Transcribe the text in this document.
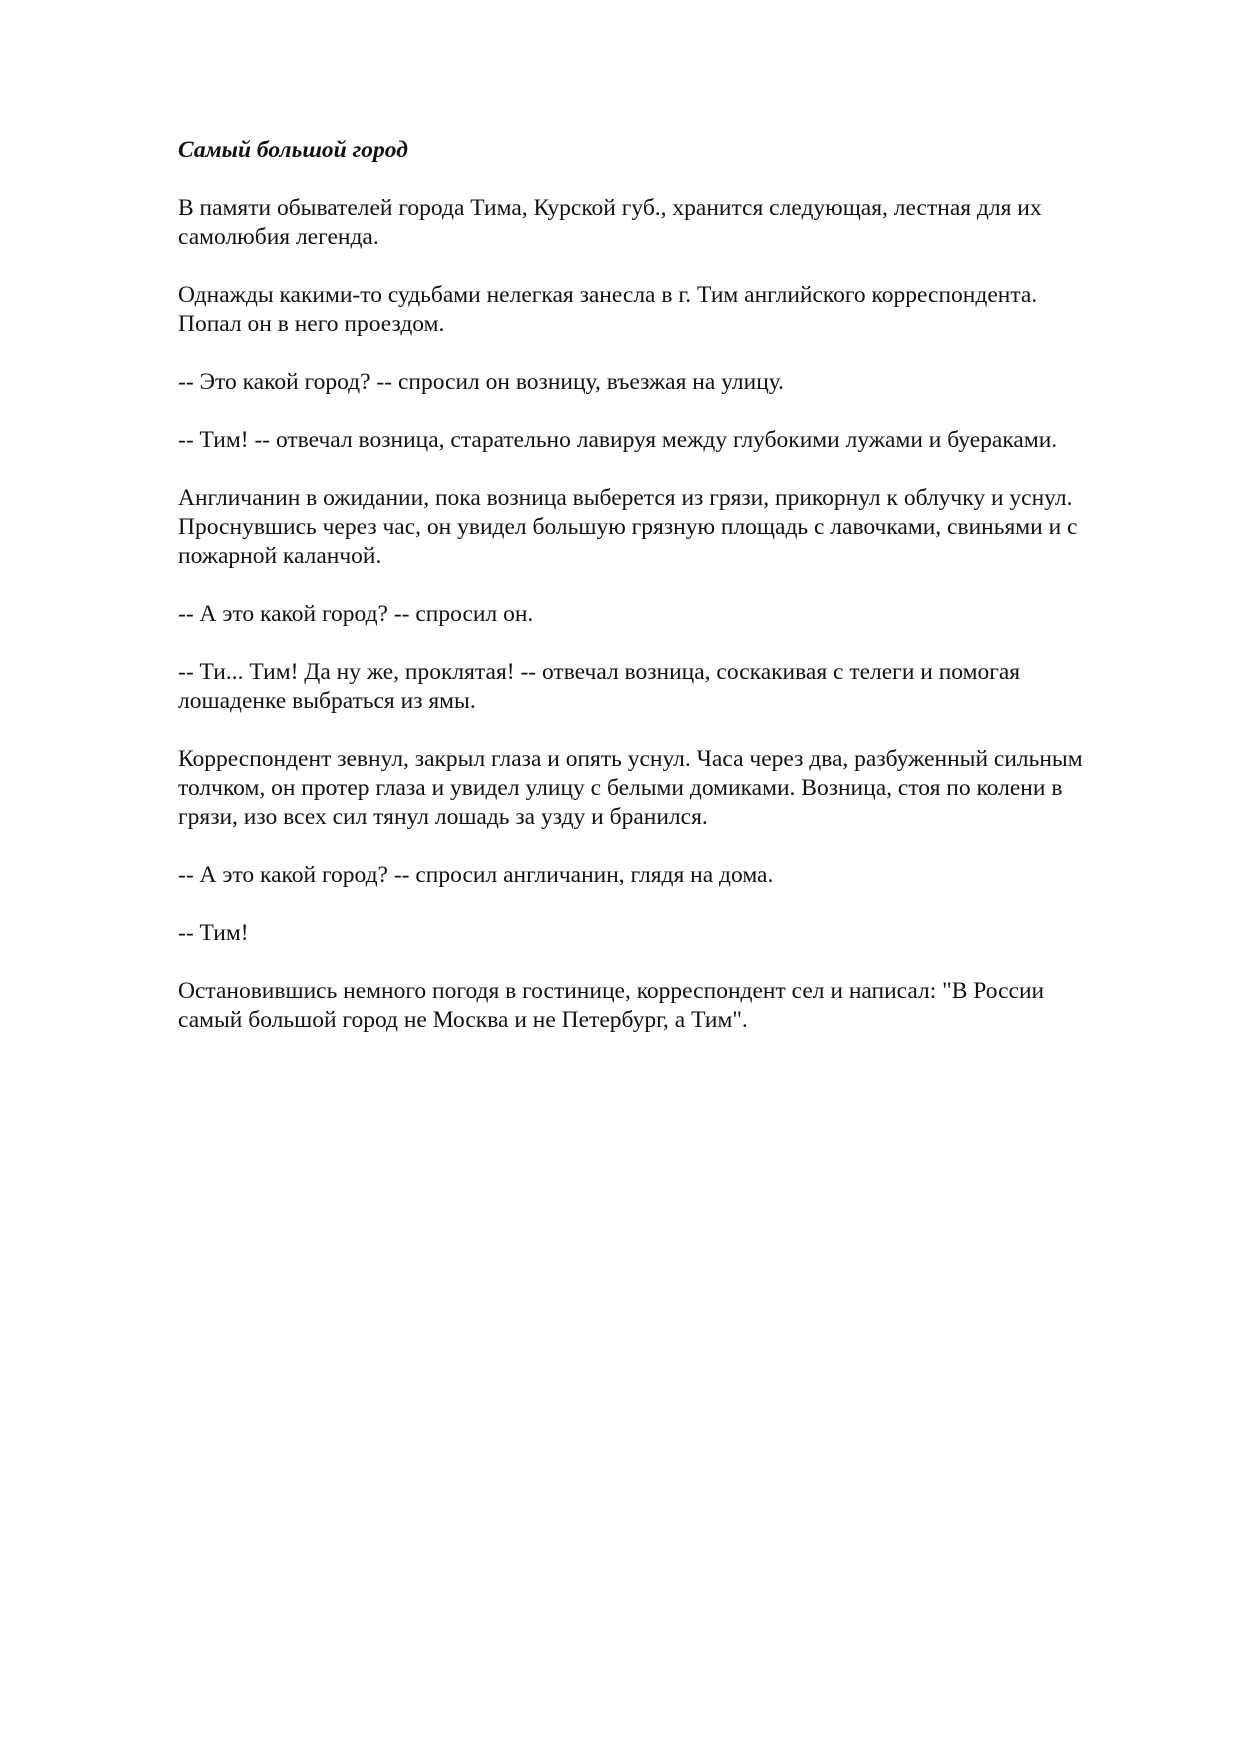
Самый большой город
В памяти обывателей города Тима, Курской губ., хранится следующая, лестная для их
самолюбия легенда.
Однажды какими-то судьбами нелегкая занесла в г. Тим английского корреспондента.
Попал он в него проездом.
-- Это какой город? -- спросил он возницу, въезжая на улицу.
-- Тим! -- отвечал возница, старательно лавируя между глубокими лужами и буераками.
Англичанин в ожидании, пока возница выберется из грязи, прикорнул к облучку и уснул.
Проснувшись через час, он увидел большую грязную площадь с лавочками, свиньями и с
пожарной каланчой.
-- А это какой город? -- спросил он.
-- Ти... Тим! Да ну же, проклятая! -- отвечал возница, соскакивая с телеги и помогая
лошаденке выбраться из ямы.
Корреспондент зевнул, закрыл глаза и опять уснул. Часа через два, разбуженный сильным
толчком, он протер глаза и увидел улицу с белыми домиками. Возница, стоя по колени в
грязи, изо всех сил тянул лошадь за узду и бранился.
-- А это какой город? -- спросил англичанин, глядя на дома.
-- Тим!
Остановившись немного погодя в гостинице, корреспондент сел и написал: "В России
самый большой город не Москва и не Петербург, а Тим".
